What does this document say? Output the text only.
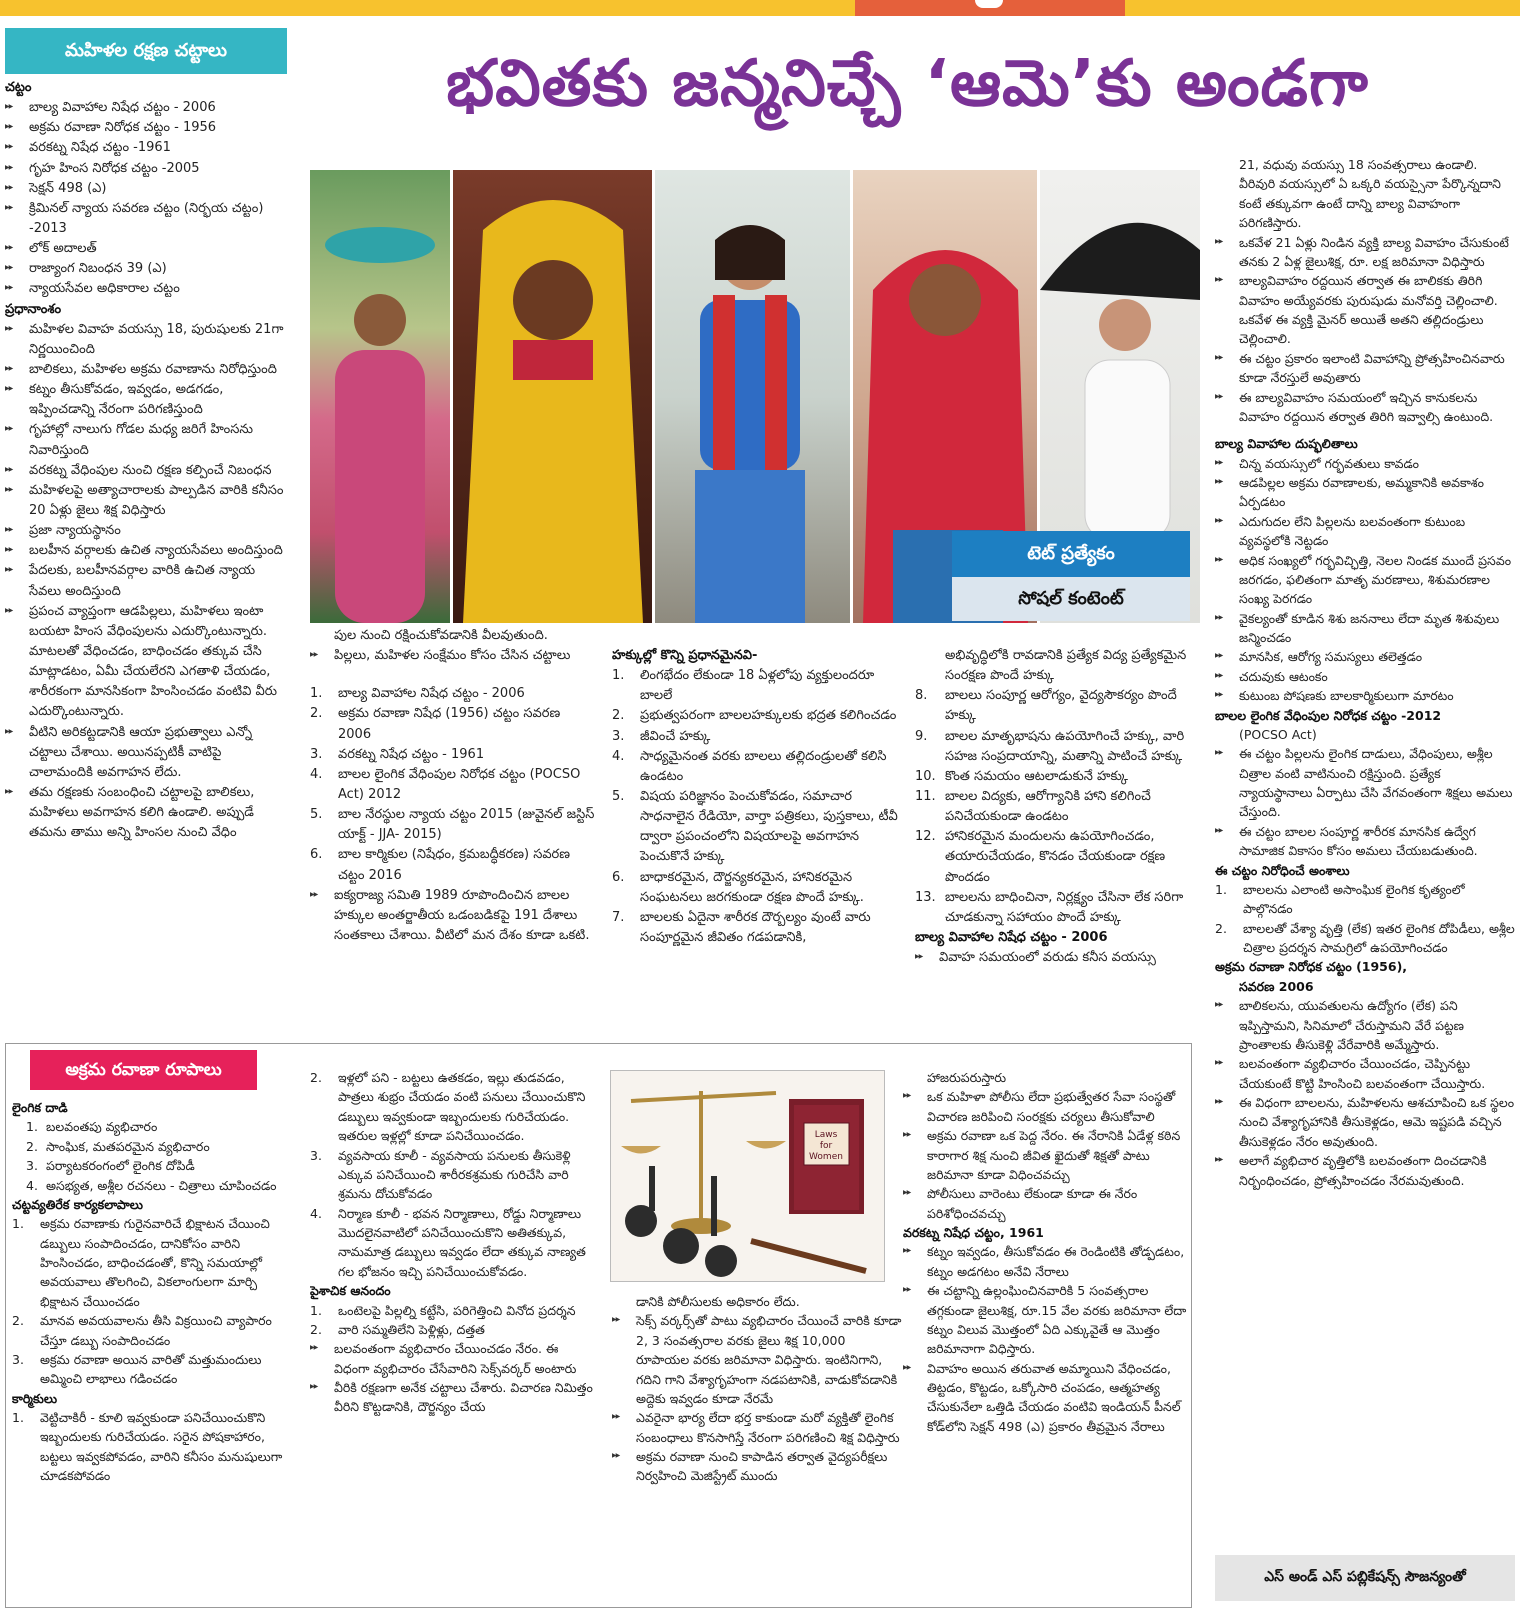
మహిళల రక్షణ చట్టాలు	భవితకు జన్మనిచ్చే ‘ఆమె’కు అండగా

చట్టం

▶▶ బాల్య వివాహాల నిషేధ చట్టం - 2006
▶▶ అక్రమ రవాణా నిరోధక చట్టం - 1956
▶▶ వరకట్న నిషేధ చట్టం -1961
▶▶ గృహ హింస నిరోధక చట్టం -2005
▶▶ సెక్షన్ 498 (ఎ)
▶▶ క్రిమినల్ న్యాయ సవరణ చట్టం (నిర్భయ చట్టం) -2013
▶▶ లోక్ అదాలత్
▶▶ రాజ్యాంగ నిబంధన 39 (ఎ)
▶▶ న్యాయసేవల అధికారాల చట్టం

ప్రధానాంశం

▶▶ మహిళల వివాహ వయస్సు 18, పురుషులకు 21గా నిర్ణయించింది
▶▶ బాలికలు, మహిళల అక్రమ రవాణాను నిరోధిస్తుంది
▶▶ కట్నం తీసుకోవడం, ఇవ్వడం, అడగడం, ఇప్పించడాన్ని నేరంగా పరిగణిస్తుంది
▶▶ గృహాల్లో నాలుగు గోడల మధ్య జరిగే హింసను నివారిస్తుంది
▶▶ వరకట్న వేధింపుల నుంచి రక్షణ కల్పించే నిబంధన
▶▶ మహిళలపై అత్యాచారాలకు పాల్పడిన వారికి కనీసం 20 ఏళ్లు జైలు శిక్ష విధిస్తారు
▶▶ ప్రజా న్యాయస్థానం
▶▶ బలహీన వర్గాలకు ఉచిత న్యాయసేవలు అందిస్తుంది
▶▶ పేదలకు, బలహీనవర్గాల వారికి ఉచిత న్యాయ సేవలు అందిస్తుంది
▶▶ ప్రపంచ వ్యాప్తంగా ఆడపిల్లలు, మహిళలు ఇంటా బయటా హింస వేధింపులను ఎదుర్కొంటున్నారు. మాటలతో వేధించడం, బాధించడం తక్కువ చేసి మాట్లాడటం, ఏమీ చేయలేరని ఎగతాళి చేయడం, శారీరకంగా మానసికంగా హింసించడం వంటివి వీరు ఎదుర్కొంటున్నారు.
▶▶ వీటిని అరికట్టడానికి ఆయా ప్రభుత్వాలు ఎన్నో చట్టాలు చేశాయి. అయినప్పటికీ వాటిపై చాలామందికి అవగాహన లేదు.
▶▶ తమ రక్షణకు సంబంధించి చట్టాలపై బాలికలు, మహిళలు అవగాహన కలిగి ఉండాలి. అప్పుడే తమను తాము అన్ని హింసల నుంచి వేధిం
టెట్ ప్రత్యేకం
సోషల్ కంటెంట్

పుల నుంచి రక్షించుకోవడానికి వీలవుతుంది.

▶▶ పిల్లలు, మహిళల సంక్షేమం కోసం చేసిన చట్టాలు
1. బాల్య వివాహాల నిషేధ చట్టం - 2006
2. అక్రమ రవాణా నిషేధ (1956) చట్టం సవరణ 2006
3. వరకట్న నిషేధ చట్టం - 1961
4. బాలల లైంగిక వేధింపుల నిరోధక చట్టం (POCSO Act) 2012
5. బాల నేరస్థుల న్యాయ చట్టం 2015 (జువైనల్ జస్టిస్ యాక్ట్ - JJA- 2015)
6. బాల కార్మికుల (నిషేధం, క్రమబద్ధీకరణ) సవరణ చట్టం 2016
▶▶ ఐక్యరాజ్య సమితి 1989 రూపొందించిన బాలల హక్కుల అంతర్జాతీయ ఒడంబడికపై 191 దేశాలు సంతకాలు చేశాయి. వీటిలో మన దేశం కూడా ఒకటి.

హక్కుల్లో కొన్ని ప్రధానమైనవి-

1. లింగభేదం లేకుండా 18 ఏళ్లలోపు వ్యక్తులందరూ బాలలే
2. ప్రభుత్వపరంగా బాలలహక్కులకు భద్రత కలిగించడం
3. జీవించే హక్కు
4. సాధ్యమైనంత వరకు బాలలు తల్లిదండ్రులతో కలిసి ఉండటం
5. విషయ పరిజ్ఞానం పెంచుకోవడం, సమాచార సాధనాలైన రేడియో, వార్తా పత్రికలు, పుస్తకాలు, టీవీ ద్వారా ప్రపంచంలోని విషయాలపై అవగాహన పెంచుకొనే హక్కు
6. బాధాకరమైన, దౌర్జన్యకరమైన, హానికరమైన సంఘటనలు జరగకుండా రక్షణ పొందే హక్కు.
7. బాలలకు ఏదైనా శారీరక దౌర్బల్యం వుంటే వారు సంపూర్ణమైన జీవితం గడపడానికి,

అభివృద్ధిలోకి రావడానికి ప్రత్యేక విద్య ప్రత్యేకమైన సంరక్షణ పొందే హక్కు

8. బాలలు సంపూర్ణ ఆరోగ్యం, వైద్యసౌకర్యం పొందే హక్కు
9. బాలల మాతృభాషను ఉపయోగించే హక్కు, వారి సహజ సంప్రదాయాన్ని, మతాన్ని పాటించే హక్కు
10. కొంత సమయం ఆటలాడుకునే హక్కు
11. బాలల విద్యకు, ఆరోగ్యానికి హాని కలిగించే పనిచేయకుండా ఉండటం
12. హానికరమైన మందులను ఉపయోగించడం, తయారుచేయడం, కొనడం చేయకుండా రక్షణ పొందడం
13. బాలలను బాధించినా, నిర్లక్ష్యం చేసినా లేక సరిగా చూడకున్నా సహాయం పొందే హక్కు

బాల్య వివాహాల నిషేధ చట్టం - 2006

▶▶ వివాహ సమయంలో వరుడు కనీస వయస్సు

21, వధువు వయస్సు 18 సంవత్సరాలు ఉండాలి. వీరివురి వయస్సులో ఏ ఒక్కరి వయస్సైనా పేర్కొన్నదాని కంటే తక్కువగా ఉంటే దాన్ని బాల్య వివాహంగా పరిగణిస్తారు.

▶▶ ఒకవేళ 21 ఏళ్లు నిండిన వ్యక్తి బాల్య వివాహం చేసుకుంటే తనకు 2 ఏళ్ల జైలుశిక్ష, రూ. లక్ష జరిమానా విధిస్తారు
▶▶ బాల్యవివాహం రద్దయిన తర్వాత ఈ బాలికకు తిరిగి వివాహం అయ్యేవరకు పురుషుడు మనోవర్తి చెల్లించాలి. ఒకవేళ ఈ వ్యక్తి మైనర్ అయితే అతని తల్లిదండ్రులు చెల్లించాలి.
▶▶ ఈ చట్టం ప్రకారం ఇలాంటి వివాహాన్ని ప్రోత్సహించినవారు కూడా నేరస్తులే అవుతారు
▶▶ ఈ బాల్యవివాహం సమయంలో ఇచ్చిన కానుకలను వివాహం రద్దయిన తర్వాత తిరిగి ఇవ్వాల్సి ఉంటుంది.

బాల్య వివాహాల దుష్ఫలితాలు

▶▶ చిన్న వయస్సులో గర్భవతులు కావడం
▶▶ ఆడపిల్లల అక్రమ రవాణాలకు, అమ్మకానికి అవకాశం ఏర్పడటం
▶▶ ఎదుగుదల లేని పిల్లలను బలవంతంగా కుటుంబ వ్యవస్థలోకి నెట్టడం
▶▶ అధిక సంఖ్యలో గర్భవిచ్ఛిత్తి, నెలల నిండక ముందే ప్రసవం జరగడం, ఫలితంగా మాతృ మరణాలు, శిశుమరణాల సంఖ్య పెరగడం
▶▶ వైకల్యంతో కూడిన శిశు జననాలు లేదా మృత శిశువులు జన్మించడం
▶▶ మానసిక, ఆరోగ్య సమస్యలు తలెత్తడం
▶▶ చదువుకు ఆటంకం
▶▶ కుటుంబ పోషణకు బాలకార్మికులుగా మారటం

బాలల లైంగిక వేధింపుల నిరోధక చట్టం -2012

(POCSO Act)

▶▶ ఈ చట్టం పిల్లలను లైంగిక దాడులు, వేధింపులు, అశ్లీల చిత్రాల వంటి వాటినుంచి రక్షిస్తుంది. ప్రత్యేక న్యాయస్థానాలు ఏర్పాటు చేసి వేగవంతంగా శిక్షలు అమలు చేస్తుంది.
▶▶ ఈ చట్టం బాలల సంపూర్ణ శారీరక మానసిక ఉద్వేగ సామాజిక వికాసం కోసం అమలు చేయబడుతుంది.

ఈ చట్టం నిరోధించే అంశాలు

1. బాలలను ఎలాంటి అసాంఘిక లైంగిక కృత్యంలో పాల్గొనడం
2. బాలలతో వేశ్యా వృత్తి (లేక) ఇతర లైంగిక దోపిడీలు, అశ్లీల చిత్రాల ప్రదర్శన సామగ్రిలో ఉపయోగించడం

అక్రమ రవాణా నిరోధక చట్టం (1956),

సవరణ 2006

▶▶ బాలికలను, యువతులను ఉద్యోగం (లేక) పని ఇప్పిస్తామని, సినిమాలో చేరుస్తామని వేరే పట్టణ ప్రాంతాలకు తీసుకెళ్లి వేరేవారికి అమ్మేస్తారు.
▶▶ బలవంతంగా వ్యభిచారం చేయించడం, చెప్పినట్టు చేయకుంటే కొట్టి హింసించి బలవంతంగా చేయిస్తారు.
▶▶ ఈ విధంగా బాలలను, మహిళలను ఆశచూపించి ఒక స్థలం నుంచి వేశ్యాగృహానికి తీసుకెళ్లడం, ఆమె ఇష్టపడి వచ్చిన తీసుకెళ్లడం నేరం అవుతుంది.
▶▶ అలాగే వ్యభిచార వృత్తిలోకి బలవంతంగా దించడానికి నిర్బంధించడం, ప్రోత్సహించడం నేరమవుతుంది.
ఎస్ అండ్ ఎస్ పబ్లికేషన్స్ సౌజన్యంతో
అక్రమ రవాణా రూపాలు

లైంగిక దాడి

1. బలవంతపు వ్యభిచారం
2. సాంఘిక, మతపరమైన వ్యభిచారం
3. పర్యాటకరంగంలో లైంగిక దోపిడీ
4. అసభ్యత, అశ్లీల రచనలు - చిత్రాలు చూపించడం

చట్టవ్యతిరేక కార్యకలాపాలు

1. అక్రమ రవాణాకు గురైనవారిచే భిక్షాటన చేయించి డబ్బులు సంపాదించడం, దానికోసం వారిని హింసించడం, బాధించడంతో, కొన్ని సమయాల్లో అవయవాలు తొలగించి, వికలాంగులగా మార్చి భిక్షాటన చేయించడం
2. మానవ అవయవాలను తీసి విక్రయించి వ్యాపారం చేస్తూ డబ్బు సంపాదించడం
3. అక్రమ రవాణా అయిన వారితో మత్తుమందులు అమ్మించి లాభాలు గడించడం

కార్మికులు

1. వెట్టిచాకిరీ - కూలి ఇవ్వకుండా పనిచేయించుకొని ఇబ్బందులకు గురిచేయడం. సరైన పోషకాహారం, బట్టలు ఇవ్వకపోవడం, వారిని కనీసం మనుషులుగా చూడకపోవడం
2. ఇళ్లలో పని - బట్టలు ఉతకడం, ఇల్లు తుడవడం, పాత్రలు శుభ్రం చేయడం వంటి పనులు చేయించుకొని డబ్బులు ఇవ్వకుండా ఇబ్బందులకు గురిచేయడం. ఇతరుల ఇళ్లల్లో కూడా పనిచేయించడం.
3. వ్యవసాయ కూలీ - వ్యవసాయ పనులకు తీసుకెళ్లి ఎక్కువ పనిచేయించి శారీరకశ్రమకు గురిచేసి వారి శ్రమను దోచుకోవడం
4. నిర్మాణ కూలీ - భవన నిర్మాణాలు, రోడ్డు నిర్మాణాలు మొదలైనవాటిలో పనిచేయించుకొని అతితక్కువ, నామమాత్ర డబ్బులు ఇవ్వడం లేదా తక్కువ నాణ్యత గల భోజనం ఇచ్చి పనిచేయించుకోవడం.

పైశాచిక ఆనందం

1. ఒంటెలపై పిల్లల్ని కట్టేసి, పరిగెత్తించి వినోద ప్రదర్శన
2. వారి సమ్మతిలేని పెళ్లిళ్లు, దత్తత
▶▶ బలవంతంగా వ్యభిచారం చేయించడం నేరం. ఈ విధంగా వ్యభిచారం చేసేవారిని సెక్స్‌వర్కర్ అంటారు
▶▶ వీరికి రక్షణగా అనేక చట్టాలు చేశారు. విచారణ నిమిత్తం వీరిని కొట్టడానికి, దౌర్జన్యం చేయ
Laws
for
Women

డానికి పోలీసులకు అధికారం లేదు.

▶▶ సెక్స్ వర్కర్స్‌తో పాటు వ్యభిచారం చేయించే వారికి కూడా 2, 3 సంవత్సరాల వరకు జైలు శిక్ష 10,000 రూపాయల వరకు జరిమానా విధిస్తారు. ఇంటినిగాని, గదిని గాని వేశ్యాగృహంగా నడపటానికి, వాడుకోవడానికి అద్దెకు ఇవ్వడం కూడా నేరమే
▶▶ ఎవరైనా భార్య లేదా భర్త కాకుండా మరో వ్యక్తితో లైంగిక సంబంధాలు కొనసాగిస్తే నేరంగా పరిగణించి శిక్ష విధిస్తారు
▶▶ అక్రమ రవాణా నుంచి కాపాడిన తర్వాత వైద్యపరీక్షలు నిర్వహించి మెజిస్ట్రేట్ ముందు

హాజరుపరుస్తారు

▶▶ ఒక మహిళా పోలీసు లేదా ప్రభుత్వేతర సేవా సంస్థతో విచారణ జరిపించి సంరక్షకు చర్యలు తీసుకోవాలి
▶▶ అక్రమ రవాణా ఒక పెద్ద నేరం. ఈ నేరానికి ఏడేళ్ల కఠిన కారాగార శిక్ష నుంచి జీవిత ఖైదుతో శిక్షతో పాటు జరిమానా కూడా విధించవచ్చు
▶▶ పోలీసులు వారెంటు లేకుండా కూడా ఈ నేరం పరిశోధించవచ్చు

వరకట్న నిషేధ చట్టం, 1961

▶▶ కట్నం ఇవ్వడం, తీసుకోవడం ఈ రెండింటికి తోడ్పడటం, కట్నం అడగటం అనేవి నేరాలు
▶▶ ఈ చట్టాన్ని ఉల్లంఘించినవారికి 5 సంవత్సరాల తగ్గకుండా జైలుశిక్ష, రూ.15 వేల వరకు జరిమానా లేదా కట్నం విలువ మొత్తంలో ఏది ఎక్కువైతే ఆ మొత్తం జరిమానాగా విధిస్తారు.
▶▶ వివాహం అయిన తరువాత అమ్మాయిని వేధించడం, తిట్టడం, కొట్టడం, ఒక్కోసారి చంపడం, ఆత్మహత్య చేసుకునేలా ఒత్తిడి చేయడం వంటివి ఇండియన్ పీనల్ కోడ్‌లోని సెక్షన్ 498 (ఎ) ప్రకారం తీవ్రమైన నేరాలు
